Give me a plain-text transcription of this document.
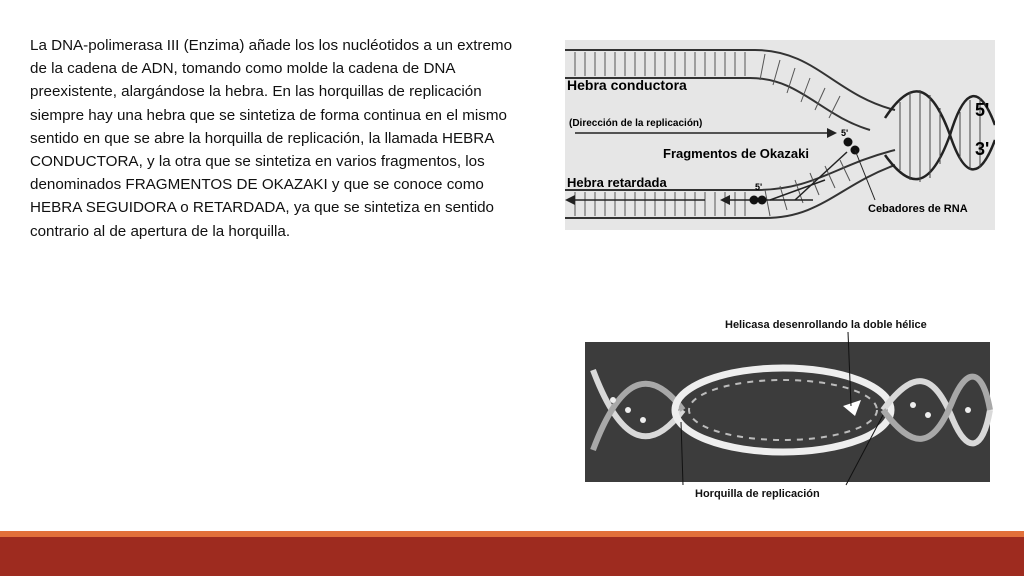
La DNA-polimerasa III (Enzima) añade los los nucléotidos a un extremo de la cadena de ADN, tomando como molde la cadena de DNA preexistente, alargándose la hebra. En las horquillas de replicación siempre hay una hebra que se sintetiza de forma continua en el mismo sentido en que se abre la horquilla de replicación, la llamada HEBRA CONDUCTORA, y la otra que se sintetiza en varios fragmentos, los denominados FRAGMENTOS DE OKAZAKI y que se conoce como HEBRA SEGUIDORA o RETARDADA, ya que se sintetiza en sentido contrario al de apertura de la horquilla.

Hebra conductora
(Dirección de la replicación)
Fragmentos de Okazaki
Hebra retardada
Cebadores de RNA
5'
3'
5'
5'
Helicasa desenrollando la doble hélice
Horquilla de replicación
